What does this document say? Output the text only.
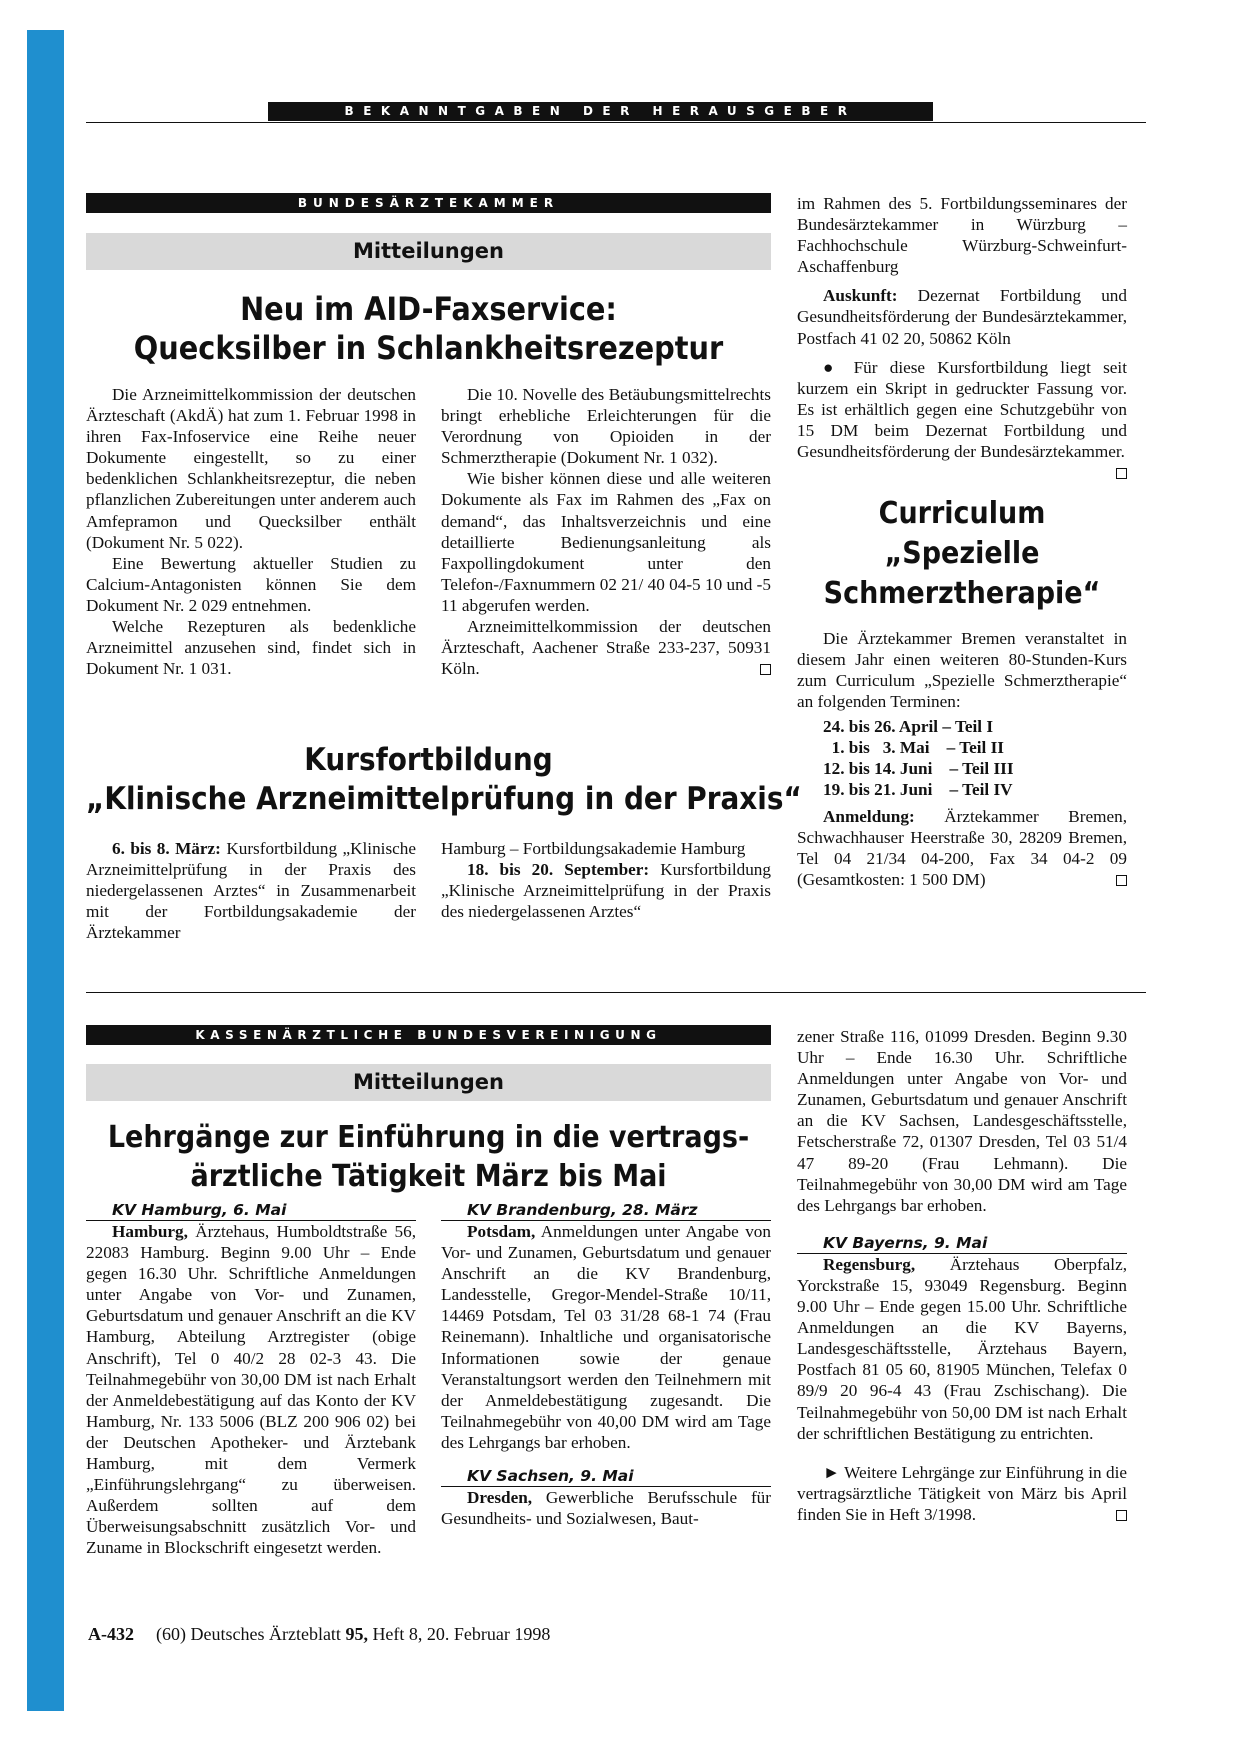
BEKANNTGABEN DER HERAUSGEBER
BUNDESÄRZTEKAMMER
Mitteilungen
Neu im AID-Faxservice:
Quecksilber in Schlankheitsrezeptur

Die Arzneimittelkommission der deutschen Ärzteschaft (AkdÄ) hat zum 1. Februar 1998 in ihren Fax-Infoservice eine Reihe neuer Dokumente eingestellt, so zu einer bedenklichen Schlankheitsrezeptur, die neben pflanzlichen Zubereitungen unter anderem auch Amfepramon und Quecksilber enthält (Dokument Nr. 5 022).

Eine Bewertung aktueller Studien zu Calcium-Antagonisten können Sie dem Dokument Nr. 2 029 entnehmen.

Welche Rezepturen als bedenkliche Arzneimittel anzusehen sind, findet sich in Dokument Nr. 1 031.

Die 10. Novelle des Betäubungsmittelrechts bringt erhebliche Erleichterungen für die Verordnung von Opioiden in der Schmerztherapie (Dokument Nr. 1 032).

Wie bisher können diese und alle weiteren Dokumente als Fax im Rahmen des „Fax on demand“, das Inhaltsverzeichnis und eine detaillierte Bedienungsanleitung als Faxpollingdokument unter den Telefon-/Faxnummern 02 21/ 40 04-5 10 und -5 11 abgerufen werden.

Arzneimittelkommission der deutschen Ärzteschaft, Aachener Straße 233-237, 50931 Köln.

Kursfortbildung
„Klinische Arzneimittelprüfung in der Praxis“

6. bis 8. März: Kursfortbildung „Klinische Arzneimittelprüfung in der Praxis des niedergelassenen Arztes“ in Zusammenarbeit mit der Fortbildungsakademie der Ärztekammer

Hamburg – Fortbildungsakademie Hamburg

18. bis 20. September: Kursfortbildung „Klinische Arzneimittelprüfung in der Praxis des niedergelassenen Arztes“

im Rahmen des 5. Fortbildungsseminares der Bundesärztekammer in Würzburg – Fachhochschule Würzburg-Schweinfurt-Aschaffenburg

Auskunft: Dezernat Fortbildung und Gesundheitsförderung der Bundesärztekammer, Postfach 41 02 20, 50862 Köln

● Für diese Kursfortbildung liegt seit kurzem ein Skript in gedruckter Fassung vor. Es ist erhältlich gegen eine Schutzgebühr von 15 DM beim Dezernat Fortbildung und Gesundheitsförderung der Bundesärztekammer.

Curriculum
„Spezielle
Schmerztherapie“

Die Ärztekammer Bremen veranstaltet in diesem Jahr einen weiteren 80-Stunden-Kurs zum Curriculum „Spezielle Schmerztherapie“ an folgenden Terminen:

24. bis 26. April – Teil I
1. bis   3. Mai    – Teil II
12. bis 14. Juni    – Teil III
19. bis 21. Juni    – Teil IV

Anmeldung: Ärztekammer Bremen, Schwachhauser Heerstraße 30, 28209 Bremen, Tel 04 21/34 04-200, Fax 34 04-2 09 (Gesamtkosten: 1 500 DM)

KASSENÄRZTLICHE BUNDESVEREINIGUNG
Mitteilungen
Lehrgänge zur Einführung in die vertrags-
ärztliche Tätigkeit März bis Mai
KV Hamburg, 6. Mai

Hamburg, Ärztehaus, Humboldtstraße 56, 22083 Hamburg. Beginn 9.00 Uhr – Ende gegen 16.30 Uhr. Schriftliche Anmeldungen unter Angabe von Vor- und Zunamen, Geburtsdatum und genauer Anschrift an die KV Hamburg, Abteilung Arztregister (obige Anschrift), Tel 0 40/2 28 02-3 43. Die Teilnahmegebühr von 30,00 DM ist nach Erhalt der Anmeldebestätigung auf das Konto der KV Hamburg, Nr. 133 5006 (BLZ 200 906 02) bei der Deutschen Apotheker- und Ärztebank Hamburg, mit dem Vermerk „Einführungslehrgang“ zu überweisen. Außerdem sollten auf dem Überweisungsabschnitt zusätzlich Vor- und Zuname in Blockschrift eingesetzt werden.

KV Brandenburg, 28. März

Potsdam, Anmeldungen unter Angabe von Vor- und Zunamen, Geburtsdatum und genauer Anschrift an die KV Brandenburg, Landesstelle, Gregor-Mendel-Straße 10/11, 14469 Potsdam, Tel 03 31/28 68-1 74 (Frau Reinemann). Inhaltliche und organisatorische Informationen sowie der genaue Veranstaltungsort werden den Teilnehmern mit der Anmeldebestätigung zugesandt. Die Teilnahmegebühr von 40,00 DM wird am Tage des Lehrgangs bar erhoben.

KV Sachsen, 9. Mai

Dresden, Gewerbliche Berufsschule für Gesundheits- und Sozialwesen, Baut-

zener Straße 116, 01099 Dresden. Beginn 9.30 Uhr – Ende 16.30 Uhr. Schriftliche Anmeldungen unter Angabe von Vor- und Zunamen, Geburtsdatum und genauer Anschrift an die KV Sachsen, Landesgeschäftsstelle, Fetscherstraße 72, 01307 Dresden, Tel 03 51/4 47 89-20 (Frau Lehmann). Die Teilnahmegebühr von 30,00 DM wird am Tage des Lehrgangs bar erhoben.

KV Bayerns, 9. Mai

Regensburg, Ärztehaus Oberpfalz, Yorckstraße 15, 93049 Regensburg. Beginn 9.00 Uhr – Ende gegen 15.00 Uhr. Schriftliche Anmeldungen an die KV Bayerns, Landesgeschäftsstelle, Ärztehaus Bayern, Postfach 81 05 60, 81905 München, Telefax 0 89/9 20 96-4 43 (Frau Zschischang). Die Teilnahmegebühr von 50,00 DM ist nach Erhalt der schriftlichen Bestätigung zu entrichten.

► Weitere Lehrgänge zur Einführung in die vertragsärztliche Tätigkeit von März bis April finden Sie in Heft 3/1998.

A-432 (60) Deutsches Ärzteblatt 95, Heft 8, 20. Februar 1998
